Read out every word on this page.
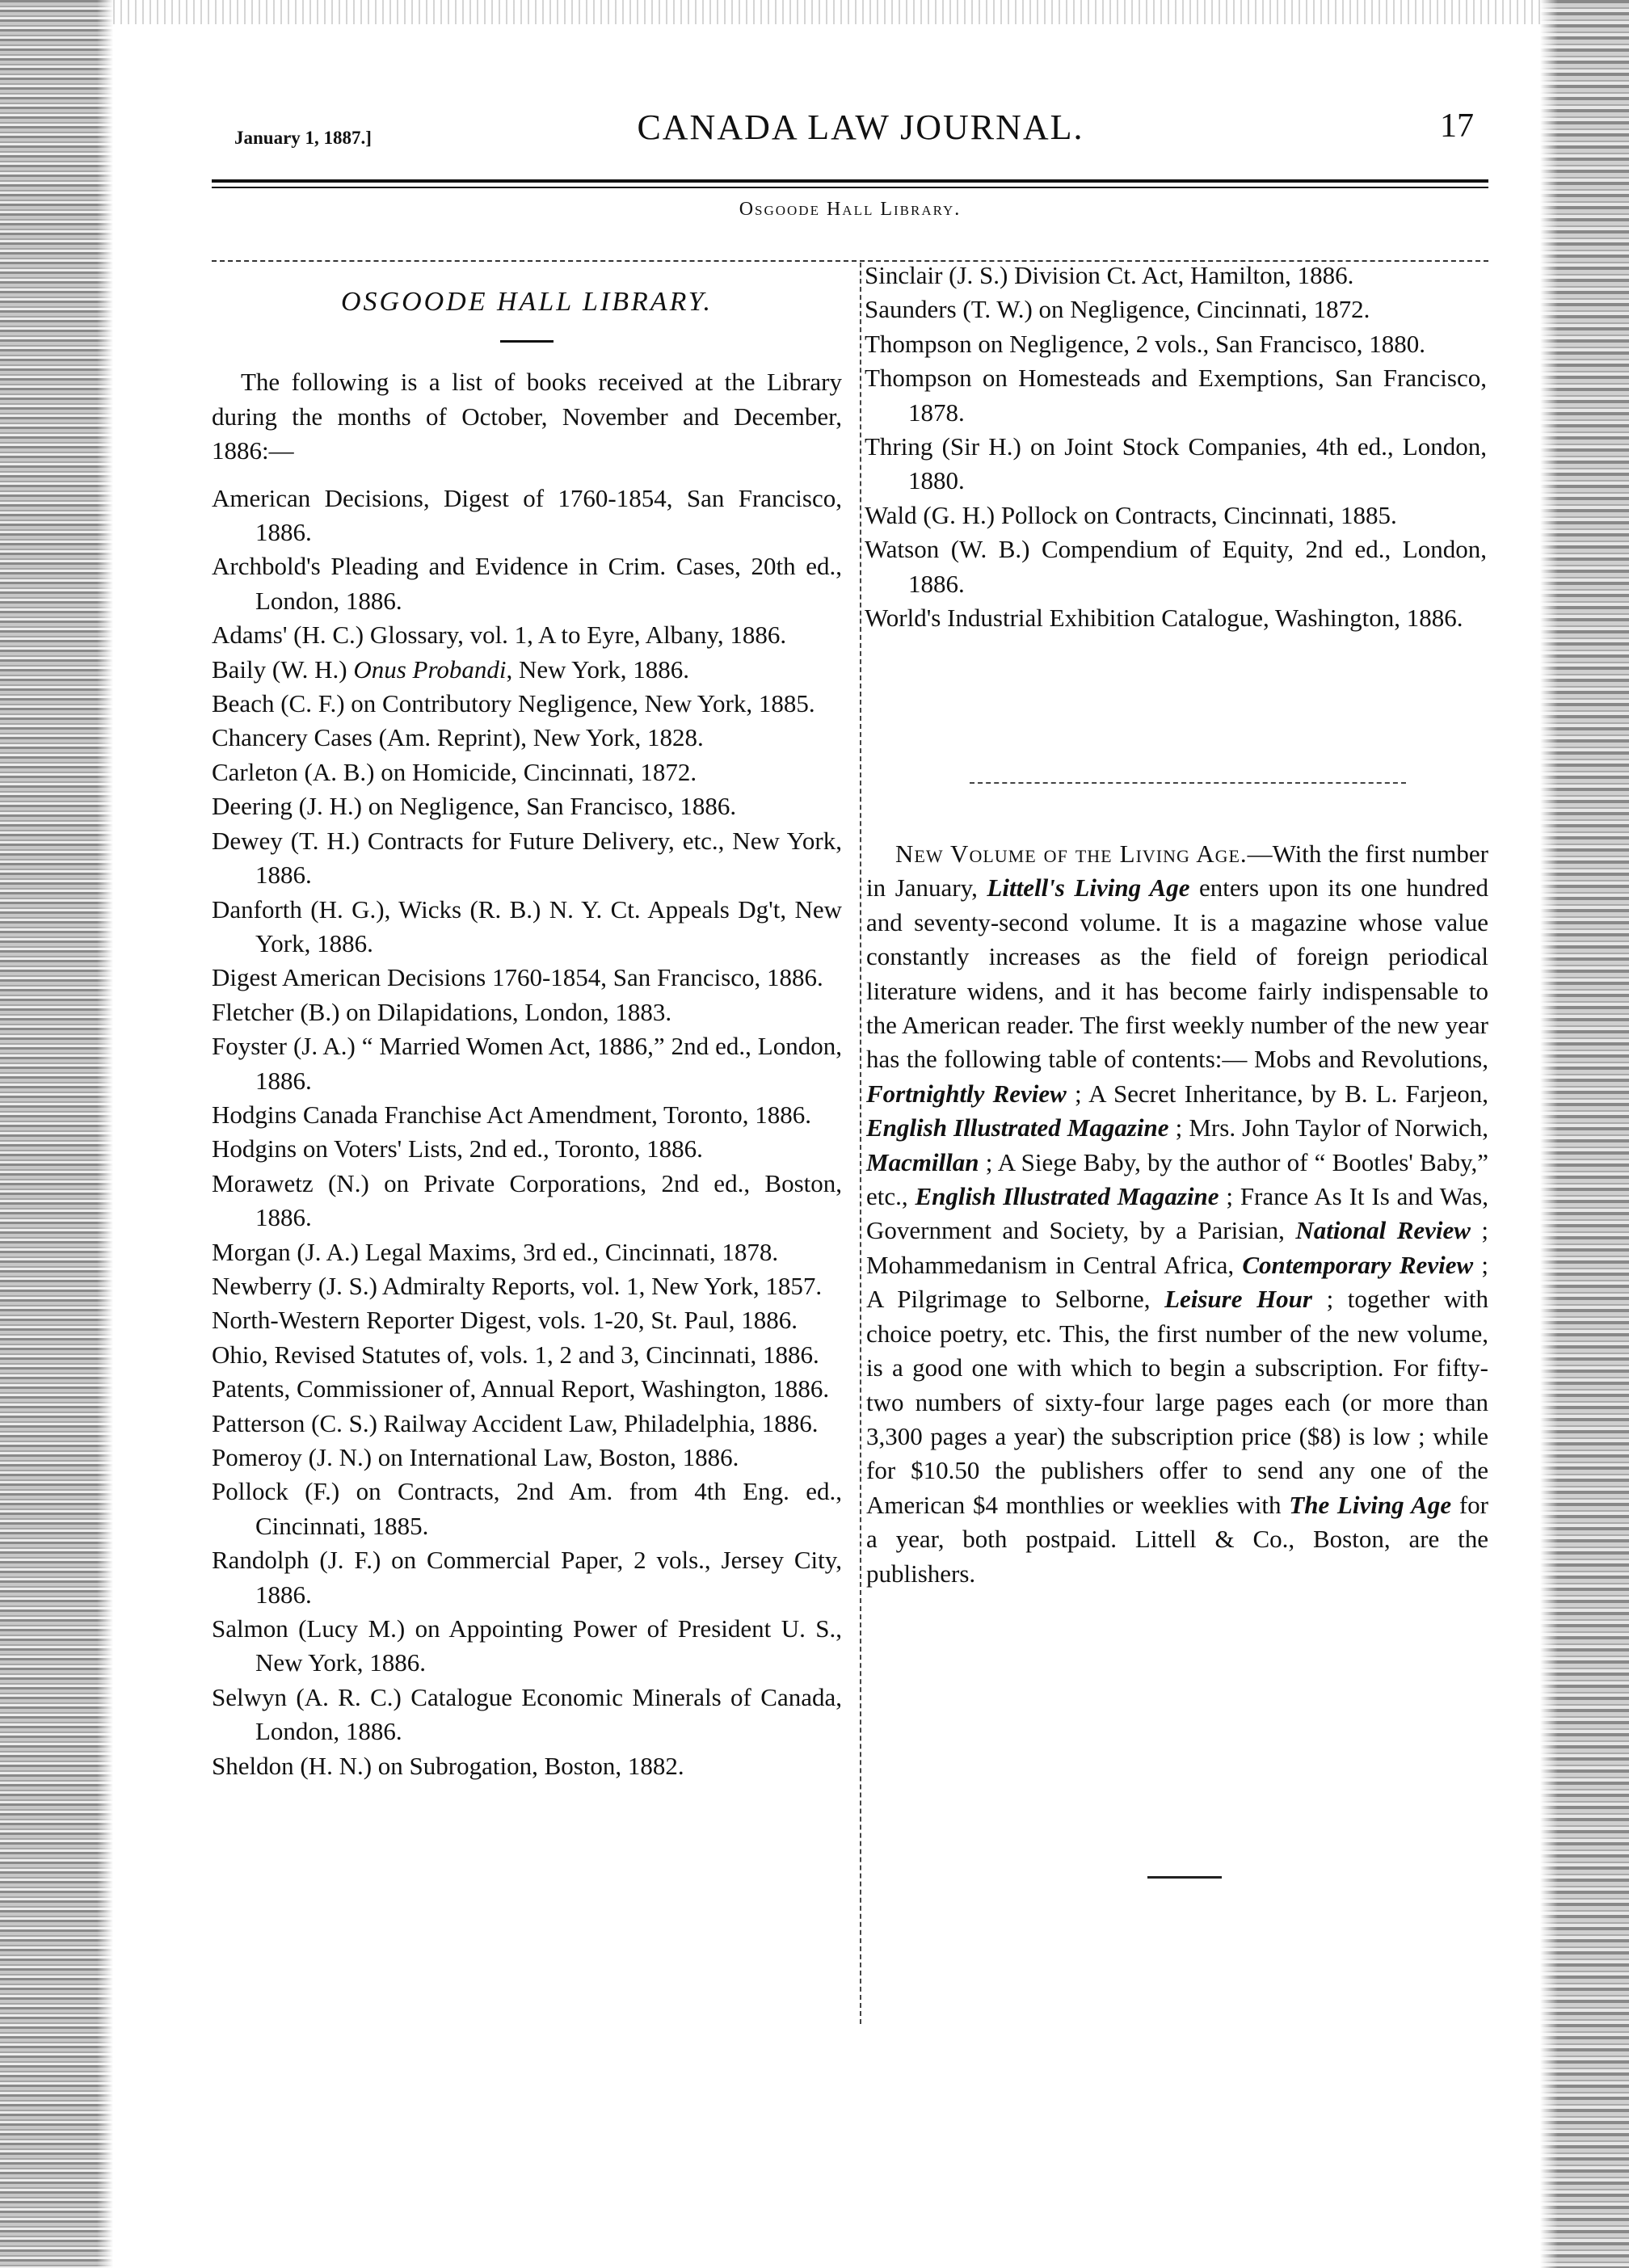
January 1, 1887.]	CANADA LAW JOURNAL.	17
Osgoode Hall Library.
OSGOODE HALL LIBRARY.

The following is a list of books received at the Library during the months of October, November and December, 1886:—

American Decisions, Digest of 1760-1854, San Francisco, 1886.

Archbold's Pleading and Evidence in Crim. Cases, 20th ed., London, 1886.

Adams' (H. C.) Glossary, vol. 1, A to Eyre, Albany, 1886.

Baily (W. H.) Onus Probandi, New York, 1886.

Beach (C. F.) on Contributory Negligence, New York, 1885.

Chancery Cases (Am. Reprint), New York, 1828.

Carleton (A. B.) on Homicide, Cincinnati, 1872.

Deering (J. H.) on Negligence, San Francisco, 1886.

Dewey (T. H.) Contracts for Future Delivery, etc., New York, 1886.

Danforth (H. G.), Wicks (R. B.) N. Y. Ct. Appeals Dg't, New York, 1886.

Digest American Decisions 1760-1854, San Francisco, 1886.

Fletcher (B.) on Dilapidations, London, 1883.

Foyster (J. A.) “ Married Women Act, 1886,” 2nd ed., London, 1886.

Hodgins Canada Franchise Act Amendment, Toronto, 1886.

Hodgins on Voters' Lists, 2nd ed., Toronto, 1886.

Morawetz (N.) on Private Corporations, 2nd ed., Boston, 1886.

Morgan (J. A.) Legal Maxims, 3rd ed., Cincinnati, 1878.

Newberry (J. S.) Admiralty Reports, vol. 1, New York, 1857.

North-Western Reporter Digest, vols. 1-20, St. Paul, 1886.

Ohio, Revised Statutes of, vols. 1, 2 and 3, Cincinnati, 1886.

Patents, Commissioner of, Annual Report, Washington, 1886.

Patterson (C. S.) Railway Accident Law, Philadelphia, 1886.

Pomeroy (J. N.) on International Law, Boston, 1886.

Pollock (F.) on Contracts, 2nd Am. from 4th Eng. ed., Cincinnati, 1885.

Randolph (J. F.) on Commercial Paper, 2 vols., Jersey City, 1886.

Salmon (Lucy M.) on Appointing Power of President U. S., New York, 1886.

Selwyn (A. R. C.) Catalogue Economic Minerals of Canada, London, 1886.

Sheldon (H. N.) on Subrogation, Boston, 1882.

Sinclair (J. S.) Division Ct. Act, Hamilton, 1886.

Saunders (T. W.) on Negligence, Cincinnati, 1872.

Thompson on Negligence, 2 vols., San Francisco, 1880.

Thompson on Homesteads and Exemptions, San Francisco, 1878.

Thring (Sir H.) on Joint Stock Companies, 4th ed., London, 1880.

Wald (G. H.) Pollock on Contracts, Cincinnati, 1885.

Watson (W. B.) Compendium of Equity, 2nd ed., London, 1886.

World's Industrial Exhibition Catalogue, Washington, 1886.

New Volume of the Living Age.—With the first number in January, Littell's Living Age enters upon its one hundred and seventy-second volume. It is a magazine whose value constantly increases as the field of foreign periodical literature widens, and it has become fairly indispensable to the American reader. The first weekly number of the new year has the following table of contents:— Mobs and Revolutions, Fortnightly Review ; A Secret Inheritance, by B. L. Farjeon, English Illustrated Magazine ; Mrs. John Taylor of Norwich, Macmillan ; A Siege Baby, by the author of “ Bootles' Baby,” etc., English Illustrated Magazine ; France As It Is and Was, Government and Society, by a Parisian, National Review ; Mohammedanism in Central Africa, Contemporary Review ; A Pilgrimage to Selborne, Leisure Hour ; together with choice poetry, etc. This, the first number of the new volume, is a good one with which to begin a subscription. For fifty-two numbers of sixty-four large pages each (or more than 3,300 pages a year) the subscription price ($8) is low ; while for $10.50 the publishers offer to send any one of the American $4 monthlies or weeklies with The Living Age for a year, both postpaid. Littell & Co., Boston, are the publishers.
